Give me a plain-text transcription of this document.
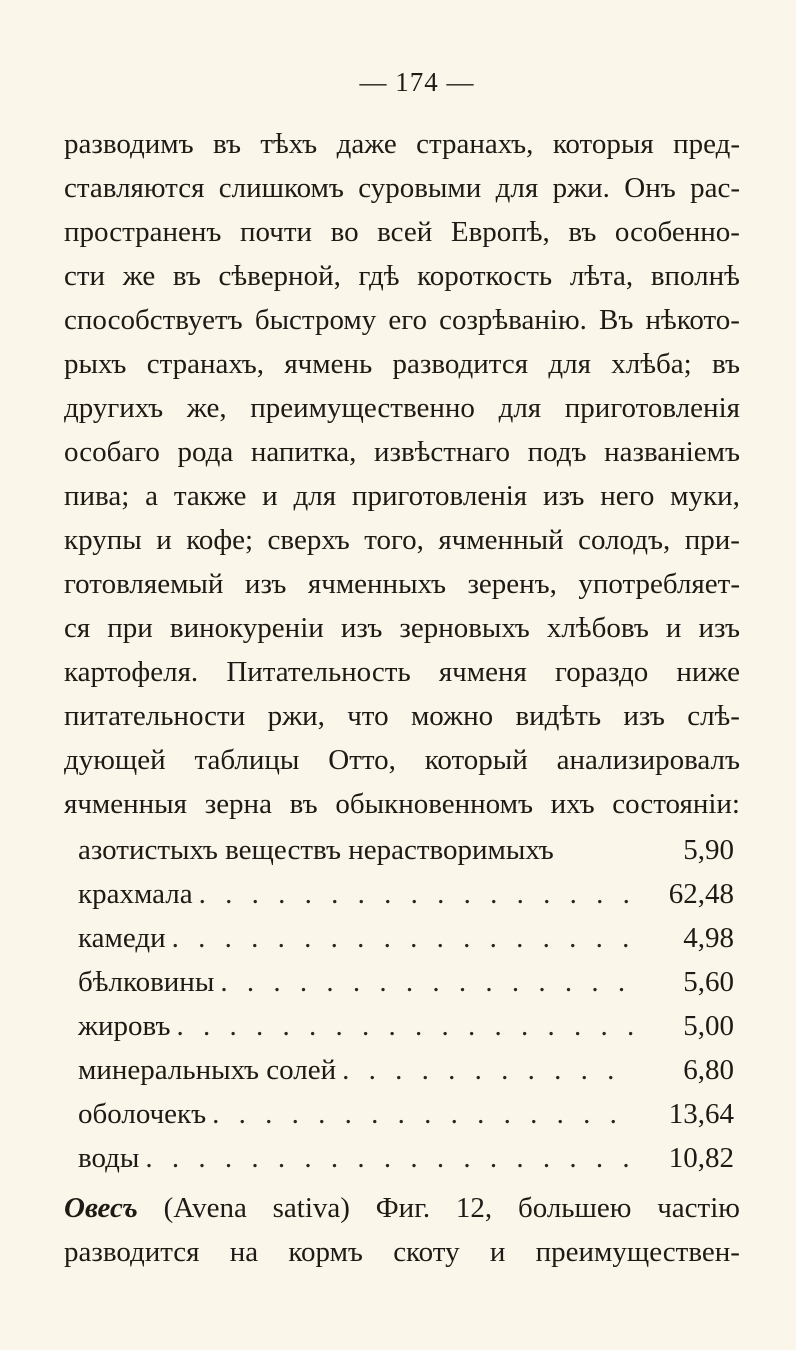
— 174 —
разводимъ въ тѣхъ даже странахъ, которыя пред-
ставляются слишкомъ суровыми для ржи. Онъ рас-
пространенъ почти во всей Европѣ, въ особенно-
сти же въ сѣверной, гдѣ короткость лѣта, вполнѣ
способствуетъ быстрому его созрѣванію. Въ нѣкото-
рыхъ странахъ, ячмень разводится для хлѣба; въ
другихъ же, преимущественно для приготовленія
особаго рода напитка, извѣстнаго подъ названіемъ
пива; а также и для приготовленія изъ него муки,
крупы и кофе; сверхъ того, ячменный солодъ, при-
готовляемый изъ ячменныхъ зеренъ, употребляет-
ся при винокуреніи изъ зерновыхъ хлѣбовъ и изъ
картофеля. Питательность ячменя гораздо ниже
питательности ржи, что можно видѣть изъ слѣ-
дующей таблицы Отто, который анализировалъ
ячменныя зерна въ обыкновенномъ ихъ состояніи:
азотистыхъ веществъ нерастворимыхъ	5,90
крахмала . . .	62,48
камеди . . .	4,98
бѣлковины . . .	5,60
жировъ . . .	5,00
минеральныхъ солей . . .	6,80
оболочекъ . . .	13,64
воды . . .	10,82
Овесъ (Avena sativa) Фиг. 12, большею частію
разводится на кормъ скоту и преимуществен-
